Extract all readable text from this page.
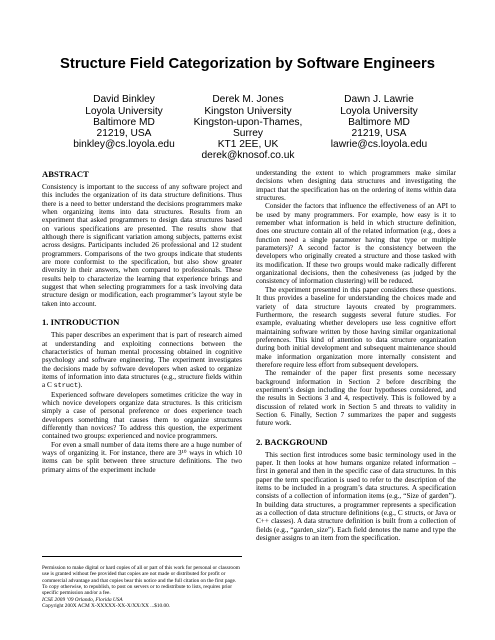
Structure Field Categorization by Software Engineers
David Binkley
Loyola University
Baltimore MD
21219, USA
binkley@cs.loyola.edu
Derek M. Jones
Kingston University
Kingston-upon-Thames,
Surrey
KT1 2EE, UK
derek@knosof.co.uk
Dawn J. Lawrie
Loyola University
Baltimore MD
21219, USA
lawrie@cs.loyola.edu
ABSTRACT

Consistency is important to the success of any software project and this includes the organization of its data structure definitions. Thus there is a need to better understand the decisions programmers make when organizing items into data structures. Results from an experiment that asked programmers to design data structures based on various specifications are presented. The results show that although there is significant variation among subjects, patterns exist across designs. Participants included 26 professional and 12 student programmers. Comparisons of the two groups indicate that students are more conformist to the specification, but also show greater diversity in their answers, when compared to professionals. These results help to characterize the learning that experience brings and suggest that when selecting programmers for a task involving data structure design or modification, each programmer’s layout style be taken into account.

1. INTRODUCTION

This paper describes an experiment that is part of research aimed at understanding and exploiting connections between the characteristics of human mental processing obtained in cognitive psychology and software engineering. The experiment investigates the decisions made by software developers when asked to organize items of information into data structures (e.g., structure fields within a C struct).

Experienced software developers sometimes criticize the way in which novice developers organize data structures. Is this criticism simply a case of personal preference or does experience teach developers something that causes them to organize structures differently than novices? To address this question, the experiment contained two groups: experienced and novice programmers.

For even a small number of data items there are a huge number of ways of organizing it. For instance, there are 3¹⁰ ways in which 10 items can be split between three structure definitions. The two primary aims of the experiment include

Permission to make digital or hard copies of all or part of this work for personal or classroom use is granted without fee provided that copies are not made or distributed for profit or commercial advantage and that copies bear this notice and the full citation on the first page. To copy otherwise, to republish, to post on servers or to redistribute to lists, requires prior specific permission and/or a fee.
ICSE 2009 ’09 Orlando, Florida USA
Copyright 200X ACM X-XXXXX-XX-X/XX/XX ...$10.00.

understanding the extent to which programmers make similar decisions when designing data structures and investigating the impact that the specification has on the ordering of items within data structures.

Consider the factors that influence the effectiveness of an API to be used by many programmers. For example, how easy is it to remember what information is held in which structure definition, does one structure contain all of the related information (e.g., does a function need a single parameter having that type or multiple parameters)? A second factor is the consistency between the developers who originally created a structure and those tasked with its modification. If these two groups would make radically different organizational decisions, then the cohesiveness (as judged by the consistency of information clustering) will be reduced.

The experiment presented in this paper considers these questions. It thus provides a baseline for understanding the choices made and variety of data structure layouts created by programmers. Furthermore, the research suggests several future studies. For example, evaluating whether developers use less cognitive effort maintaining software written by those having similar organizational preferences. This kind of attention to data structure organization during both initial development and subsequent maintenance should make information organization more internally consistent and therefore require less effort from subsequent developers.

The remainder of the paper first presents some necessary background information in Section 2 before describing the experiment’s design including the four hypotheses considered, and the results in Sections 3 and 4, respectively. This is followed by a discussion of related work in Section 5 and threats to validity in Section 6. Finally, Section 7 summarizes the paper and suggests future work.

2. BACKGROUND

This section first introduces some basic terminology used in the paper. It then looks at how humans organize related information – first in general and then in the specific case of data structures. In this paper the term specification is used to refer to the description of the items to be included in a program’s data structures. A specification consists of a collection of information items (e.g., “Size of garden”). In building data structures, a programmer represents a specification as a collection of data structure definitions (e.g., C structs, or Java or C++ classes). A data structure definition is built from a collection of fields (e.g., “garden_size”). Each field denotes the name and type the designer assigns to an item from the specification.
